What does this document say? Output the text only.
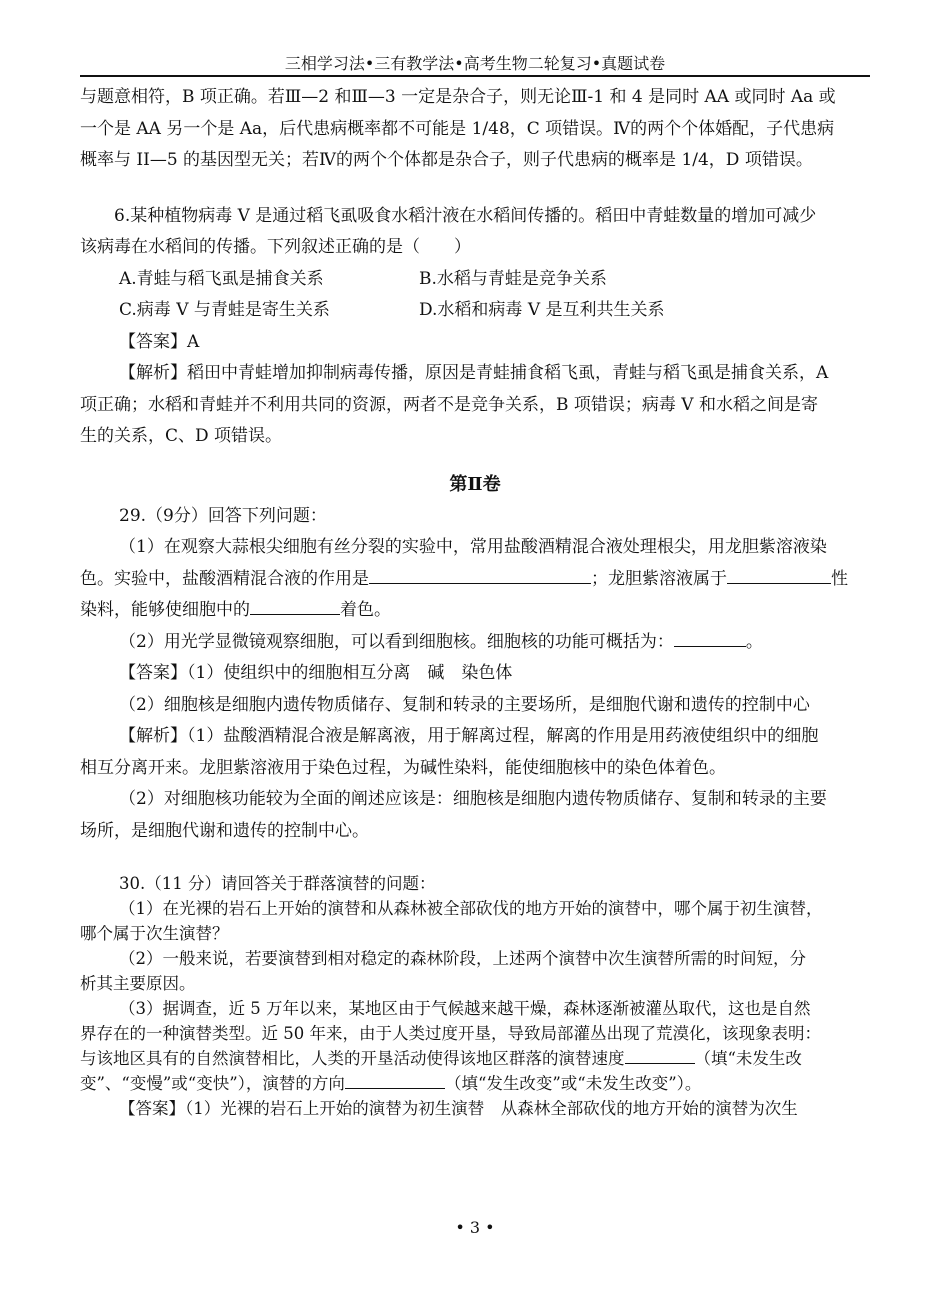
三相学习法•三有教学法•高考生物二轮复习•真题试卷

与题意相符，B 项正确。若Ⅲ—2 和Ⅲ—3 一定是杂合子，则无论Ⅲ-1 和 4 是同时 AA 或同时 Aa 或

一个是 AA 另一个是 Aa，后代患病概率都不可能是 1/48，C 项错误。Ⅳ的两个个体婚配，子代患病

概率与 II—5 的基因型无关；若Ⅳ的两个个体都是杂合子，则子代患病的概率是 1/4，D 项错误。

6.某种植物病毒 V 是通过稻飞虱吸食水稻汁液在水稻间传播的。稻田中青蛙数量的增加可减少

该病毒在水稻间的传播。下列叙述正确的是（　　）

A.青蛙与稻飞虱是捕食关系	B.水稻与青蛙是竞争关系
C.病毒 V 与青蛙是寄生关系	D.水稻和病毒 V 是互利共生关系

【答案】A

【解析】稻田中青蛙增加抑制病毒传播，原因是青蛙捕食稻飞虱，青蛙与稻飞虱是捕食关系，A

项正确；水稻和青蛙并不利用共同的资源，两者不是竞争关系，B 项错误；病毒 V 和水稻之间是寄

生的关系，C、D 项错误。

第Ⅱ卷

29.（9分）回答下列问题：

（1）在观察大蒜根尖细胞有丝分裂的实验中，常用盐酸酒精混合液处理根尖，用龙胆紫溶液染

色。实验中，盐酸酒精混合液的作用是	；龙胆紫溶液属于	性

染料，能够使细胞中的	着色。

（2）用光学显微镜观察细胞，可以看到细胞核。细胞核的功能可概括为：	。

【答案】（1）使组织中的细胞相互分离　碱　染色体

（2）细胞核是细胞内遗传物质储存、复制和转录的主要场所，是细胞代谢和遗传的控制中心

【解析】（1）盐酸酒精混合液是解离液，用于解离过程，解离的作用是用药液使组织中的细胞

相互分离开来。龙胆紫溶液用于染色过程，为碱性染料，能使细胞核中的染色体着色。

（2）对细胞核功能较为全面的阐述应该是：细胞核是细胞内遗传物质储存、复制和转录的主要

场所，是细胞代谢和遗传的控制中心。

30.（11 分）请回答关于群落演替的问题：

（1）在光裸的岩石上开始的演替和从森林被全部砍伐的地方开始的演替中，哪个属于初生演替，

哪个属于次生演替？

（2）一般来说，若要演替到相对稳定的森林阶段，上述两个演替中次生演替所需的时间短，分

析其主要原因。

（3）据调查，近 5 万年以来，某地区由于气候越来越干燥，森林逐渐被灌丛取代，这也是自然

界存在的一种演替类型。近 50 年来，由于人类过度开垦，导致局部灌丛出现了荒漠化，该现象表明：

与该地区具有的自然演替相比，人类的开垦活动使得该地区群落的演替速度	（填“未发生改

变”、“变慢”或“变快”），演替的方向	（填“发生改变”或“未发生改变”）。

【答案】（1）光裸的岩石上开始的演替为初生演替　从森林全部砍伐的地方开始的演替为次生

• 3 •
